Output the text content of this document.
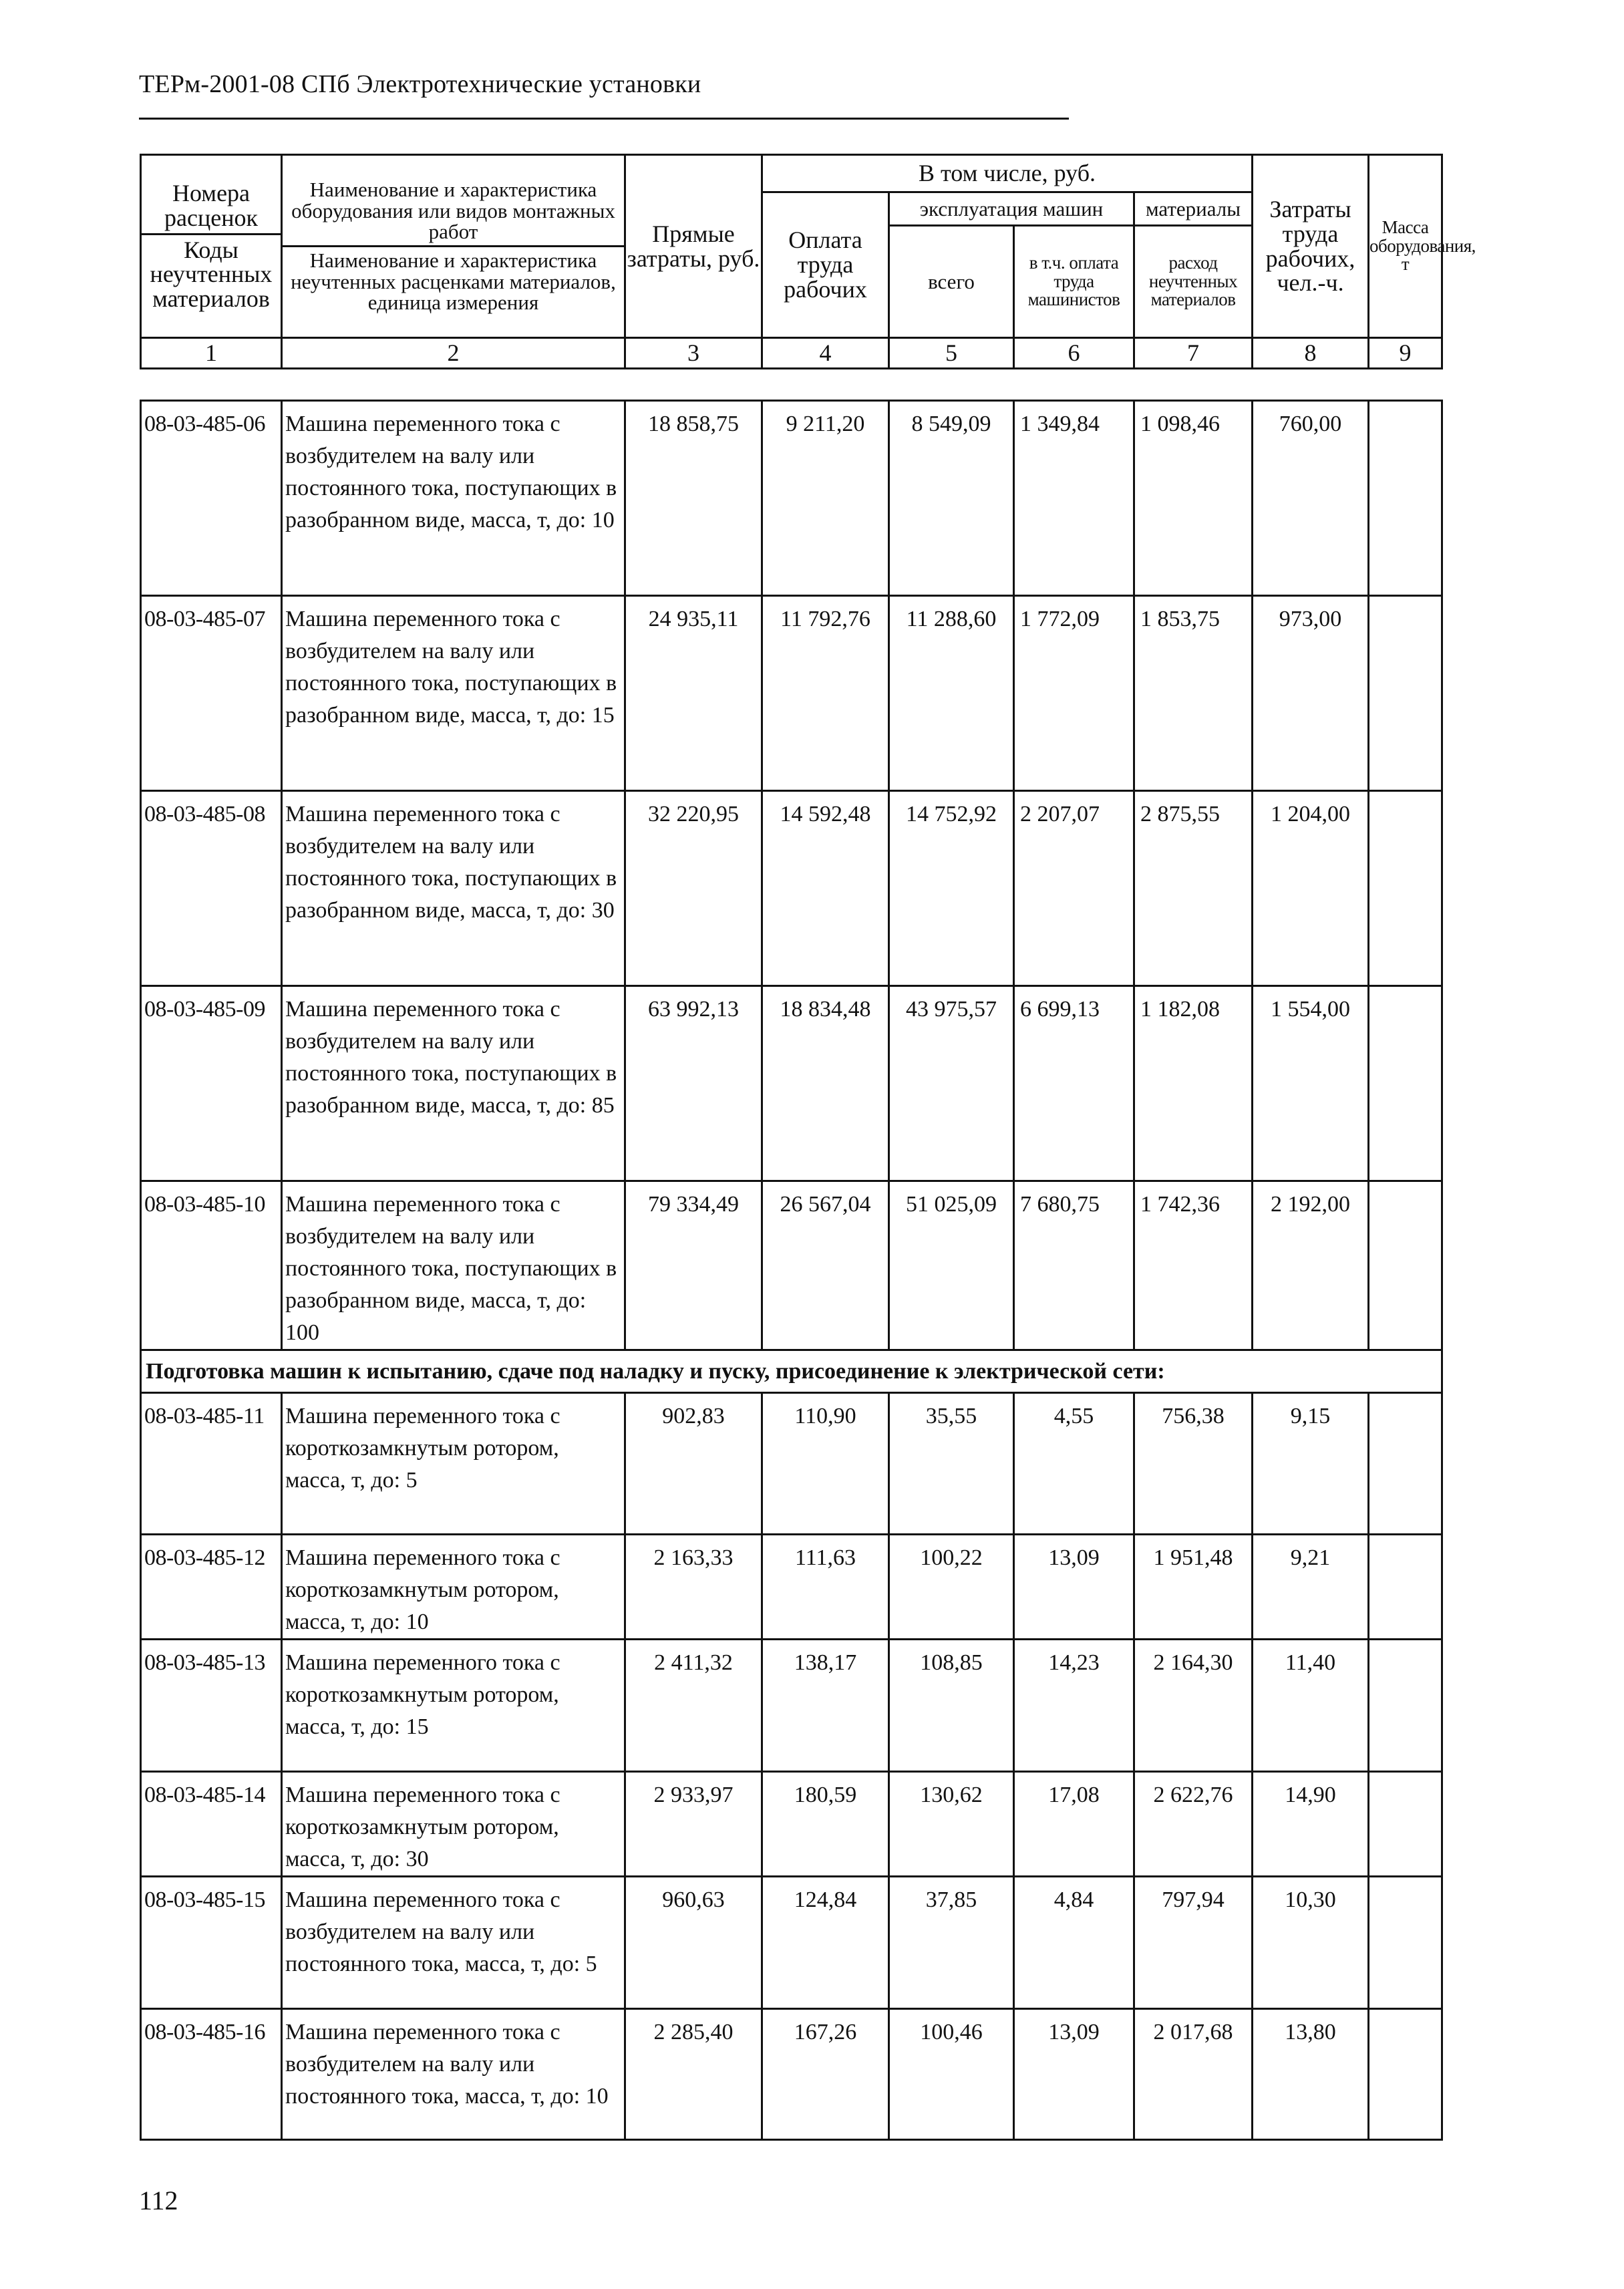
ТЕРм-2001-08 СПб Электротехнические установки
Номера расценок
Коды неучтенных материалов	Наименование и характеристика оборудования или видов монтажных работ
Наименование и характеристика неучтенных расценками материалов, единица измерения	Прямые затраты, руб.	В том числе, руб.				Затраты труда рабочих, чел.-ч.	Масса оборудования, т
			Оплата труда рабочих	эксплуатация машин		материалы		
				всего	в т.ч. оплата труда машинистов	расход неучтенных материалов		
1	2	3	4	5	6	7	8	9
08-03-485-06	Машина переменного тока с возбудителем на валу или постоянного тока, поступающих в разобранном виде, масса, т, до: 10	18 858,75	9 211,20	8 549,09	1 349,84	1 098,46	760,00	
08-03-485-07	Машина переменного тока с возбудителем на валу или постоянного тока, поступающих в разобранном виде, масса, т, до: 15	24 935,11	11 792,76	11 288,60	1 772,09	1 853,75	973,00	
08-03-485-08	Машина переменного тока с возбудителем на валу или постоянного тока, поступающих в разобранном виде, масса, т, до: 30	32 220,95	14 592,48	14 752,92	2 207,07	2 875,55	1 204,00	
08-03-485-09	Машина переменного тока с возбудителем на валу или постоянного тока, поступающих в разобранном виде, масса, т, до: 85	63 992,13	18 834,48	43 975,57	6 699,13	1 182,08	1 554,00	
08-03-485-10	Машина переменного тока с возбудителем на валу или постоянного тока, поступающих в разобранном виде, масса, т, до: 100	79 334,49	26 567,04	51 025,09	7 680,75	1 742,36	2 192,00	
Подготовка машин к испытанию, сдаче под наладку и пуску, присоединение к электрической сети:								
08-03-485-11	Машина переменного тока с короткозамкнутым ротором, масса, т, до: 5	902,83	110,90	35,55	4,55	756,38	9,15	
08-03-485-12	Машина переменного тока с короткозамкнутым ротором, масса, т, до: 10	2 163,33	111,63	100,22	13,09	1 951,48	9,21	
08-03-485-13	Машина переменного тока с короткозамкнутым ротором, масса, т, до: 15	2 411,32	138,17	108,85	14,23	2 164,30	11,40	
08-03-485-14	Машина переменного тока с короткозамкнутым ротором, масса, т, до: 30	2 933,97	180,59	130,62	17,08	2 622,76	14,90	
08-03-485-15	Машина переменного тока с возбудителем на валу или постоянного тока, масса, т, до: 5	960,63	124,84	37,85	4,84	797,94	10,30	
08-03-485-16	Машина переменного тока с возбудителем на валу или постоянного тока, масса, т, до: 10	2 285,40	167,26	100,46	13,09	2 017,68	13,80	
112
